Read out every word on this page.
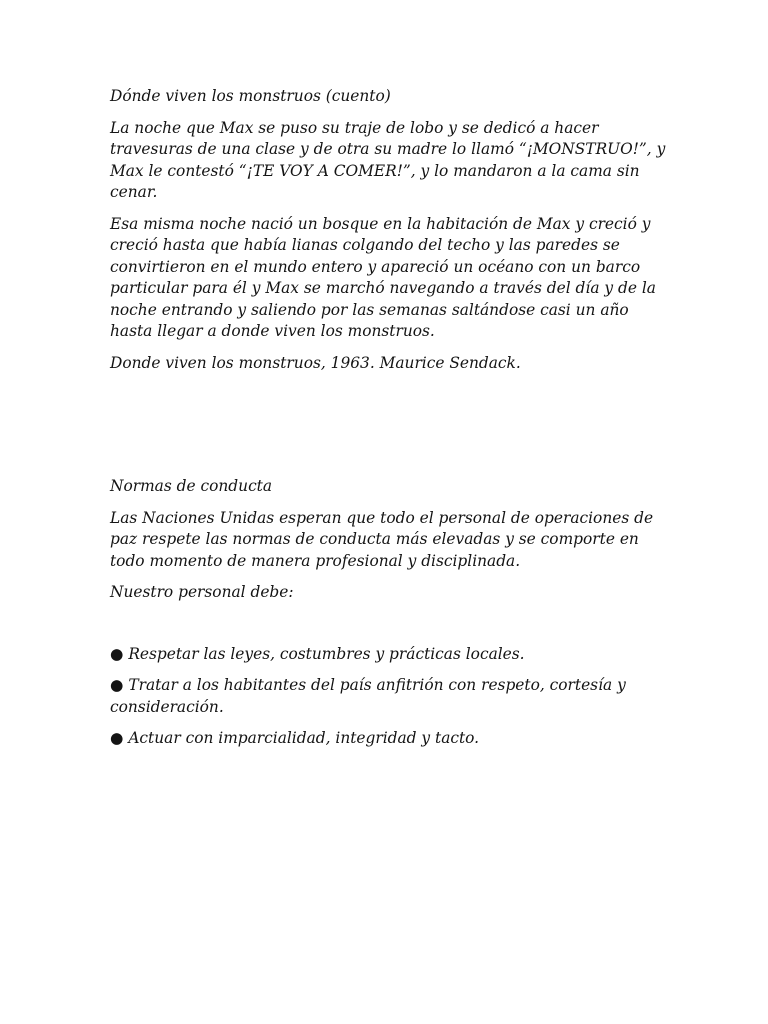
Dónde viven los monstruos (cuento)

La noche que Max se puso su traje de lobo y se dedicó a hacer travesuras de una clase y de otra su madre lo llamó “¡MONSTRUO!”, y Max le contestó “¡TE VOY A COMER!”, y lo mandaron a la cama sin cenar.

Esa misma noche nació un bosque en la habitación de Max y creció y creció hasta que había lianas colgando del techo y las paredes se convirtieron en el mundo entero y apareció un océano con un barco particular para él y Max se marchó navegando a través del día y de la noche entrando y saliendo por las semanas saltándose casi un año hasta llegar a donde viven los monstruos.

Donde viven los monstruos, 1963. Maurice Sendack.

Normas de conducta

Las Naciones Unidas esperan que todo el personal de operaciones de paz respete las normas de conducta más elevadas y se comporte en todo momento de manera profesional y disciplinada.

Nuestro personal debe:

● Respetar las leyes, costumbres y prácticas locales.

● Tratar a los habitantes del país anfitrión con respeto, cortesía y consideración.

● Actuar con imparcialidad, integridad y tacto.
